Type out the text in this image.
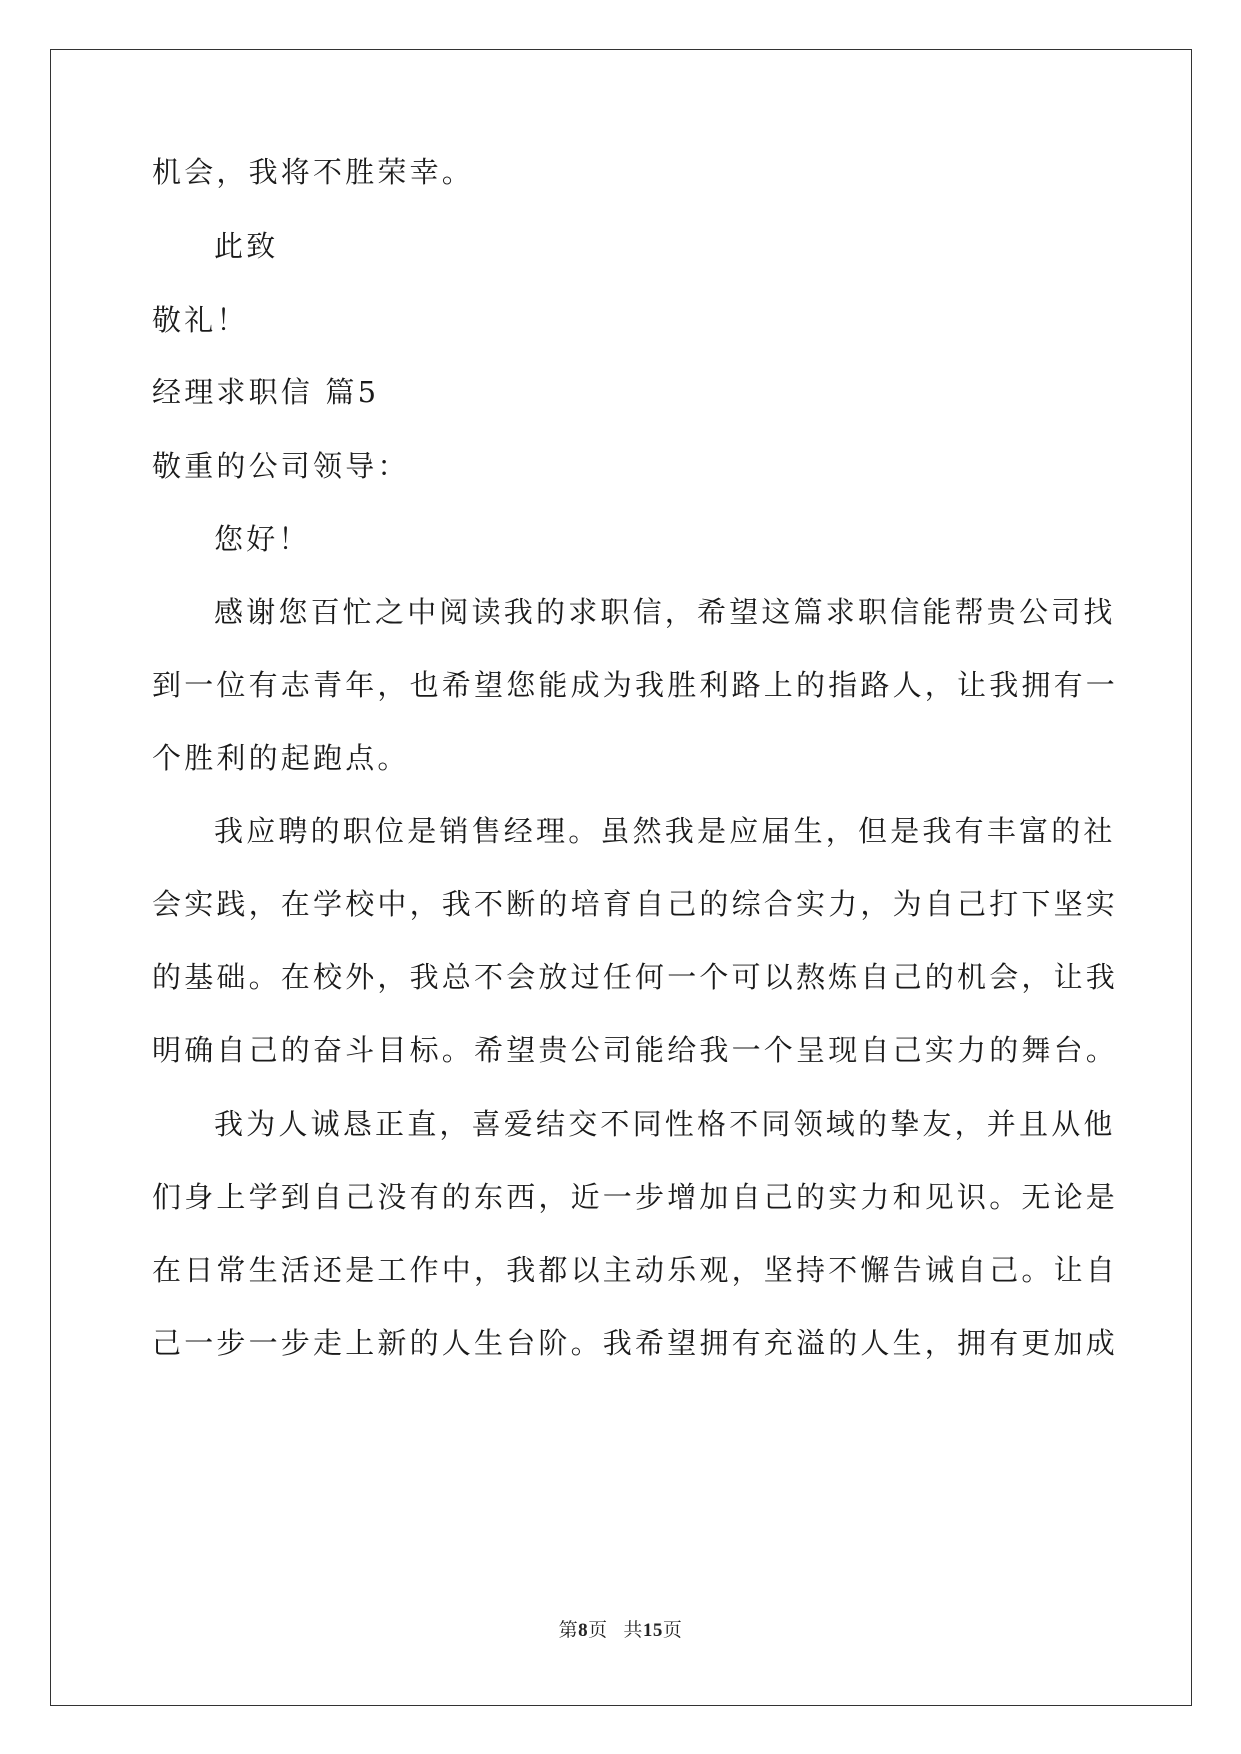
机会，我将不胜荣幸。
此致
敬礼！
经理求职信 篇5
敬重的公司领导：
您好！
感谢您百忙之中阅读我的求职信，希望这篇求职信能帮贵公司找
到一位有志青年，也希望您能成为我胜利路上的指路人，让我拥有一
个胜利的起跑点。
我应聘的职位是销售经理。虽然我是应届生，但是我有丰富的社
会实践，在学校中，我不断的培育自己的综合实力，为自己打下坚实
的基础。在校外，我总不会放过任何一个可以熬炼自己的机会，让我
明确自己的奋斗目标。希望贵公司能给我一个呈现自己实力的舞台。
我为人诚恳正直，喜爱结交不同性格不同领域的挚友，并且从他
们身上学到自己没有的东西，近一步增加自己的实力和见识。无论是
在日常生活还是工作中，我都以主动乐观，坚持不懈告诫自己。让自
己一步一步走上新的人生台阶。我希望拥有充溢的人生，拥有更加成
第8页 共15页
